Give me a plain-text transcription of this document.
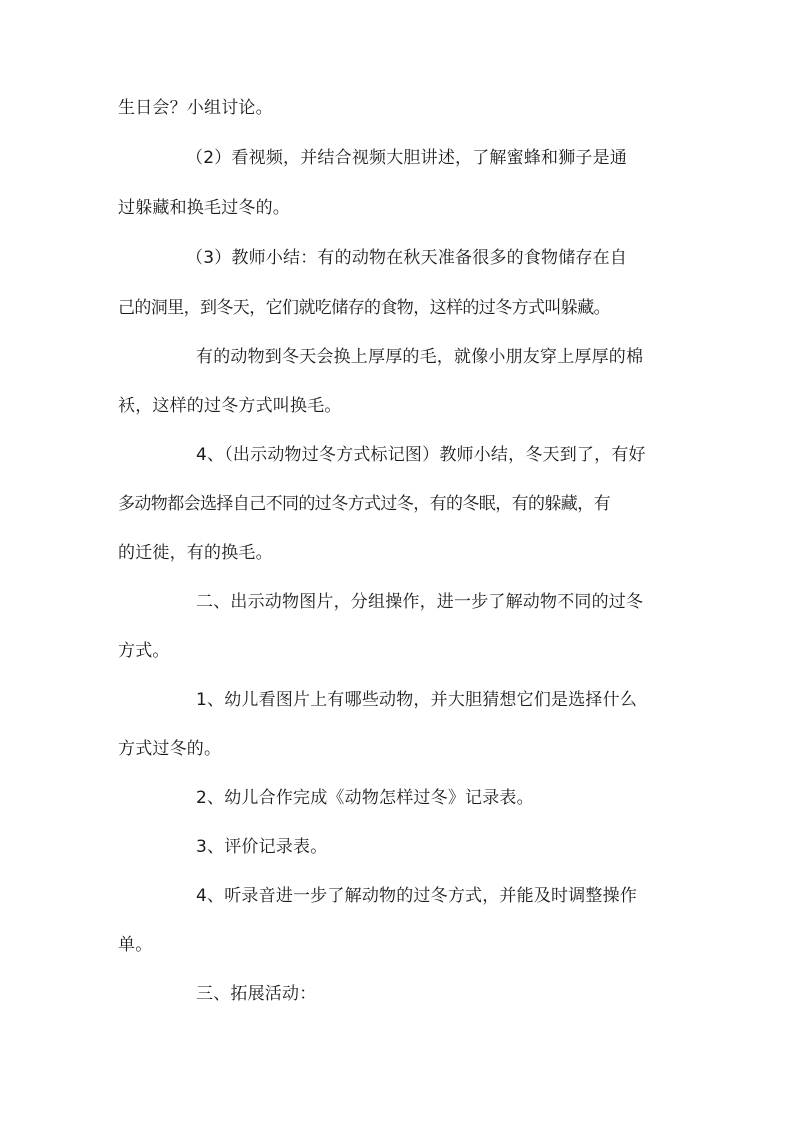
生日会？小组讨论。
（2）看视频，并结合视频大胆讲述，了解蜜蜂和狮子是通
过躲藏和换毛过冬的。
（3）教师小结：有的动物在秋天准备很多的食物储存在自
己的洞里，到冬天，它们就吃储存的食物，这样的过冬方式叫躲藏。
有的动物到冬天会换上厚厚的毛，就像小朋友穿上厚厚的棉
袄，这样的过冬方式叫换毛。
4、（出示动物过冬方式标记图）教师小结，冬天到了，有好
多动物都会选择自己不同的过冬方式过冬，有的冬眠，有的躲藏，有
的迁徙，有的换毛。
二、出示动物图片，分组操作，进一步了解动物不同的过冬
方式。
1、幼儿看图片上有哪些动物，并大胆猜想它们是选择什么
方式过冬的。
2、幼儿合作完成《动物怎样过冬》记录表。
3、评价记录表。
4、听录音进一步了解动物的过冬方式，并能及时调整操作
单。
三、拓展活动：
